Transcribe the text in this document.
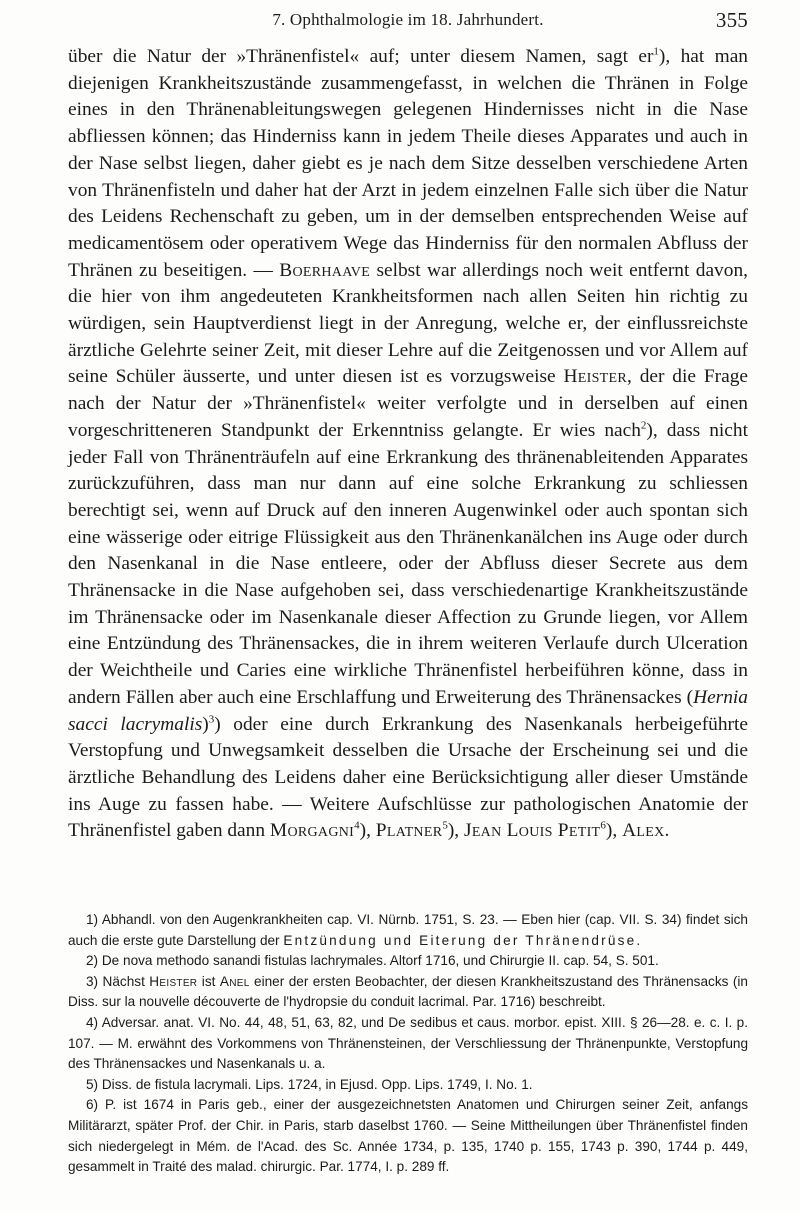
7. Ophthalmologie im 18. Jahrhundert.	355

über die Natur der »Thränenfistel« auf; unter diesem Namen, sagt $er^1$), hat man diejenigen Krankheitszustände zusammengefasst, in welchen die Thränen in Folge eines in den Thränenableitungswegen gelegenen Hindernisses nicht in die Nase abfliessen können; das Hinderniss kann in jedem Theile dieses Apparates und auch in der Nase selbst liegen, daher giebt es je nach dem Sitze desselben verschiedene Arten von Thränenfisteln und daher hat der Arzt in jedem einzelnen Falle sich über die Natur des Leidens Rechenschaft zu geben, um in der demselben entsprechenden Weise auf medicamentösem oder operativem Wege das Hinderniss für den normalen Abfluss der Thränen zu beseitigen. — Boerhaave selbst war allerdings noch weit entfernt davon, die hier von ihm angedeuteten Krankheitsformen nach allen Seiten hin richtig zu würdigen, sein Hauptverdienst liegt in der Anregung, welche er, der einflussreichste ärztliche Gelehrte seiner Zeit, mit dieser Lehre auf die Zeitgenossen und vor Allem auf seine Schüler äusserte, und unter diesen ist es vorzugsweise Heister, der die Frage nach der Natur der »Thränenfistel« weiter verfolgte und in derselben auf einen vorgeschritteneren Standpunkt der Erkenntniss gelangte. Er wies nach$^2$), dass nicht jeder Fall von Thränenträufeln auf eine Erkrankung des thränenableitenden Apparates zurückzuführen, dass man nur dann auf eine solche Erkrankung zu schliessen berechtigt sei, wenn auf Druck auf den inneren Augenwinkel oder auch spontan sich eine wässerige oder eitrige Flüssigkeit aus den Thränenkanälchen ins Auge oder durch den Nasenkanal in die Nase entleere, oder der Abfluss dieser Secrete aus dem Thränensacke in die Nase aufgehoben sei, dass verschiedenartige Krankheitszustände im Thränensacke oder im Nasenkanale dieser Affection zu Grunde liegen, vor Allem eine Entzündung des Thränensackes, die in ihrem weiteren Verlaufe durch Ulceration der Weichtheile und Caries eine wirkliche Thränenfistel herbeiführen könne, dass in andern Fällen aber auch eine Erschlaffung und Erweiterung des Thränensackes (Hernia sacci lacrymalis)$^3$) oder eine durch Erkrankung des Nasenkanals herbeigeführte Verstopfung und Unwegsamkeit desselben die Ursache der Erscheinung sei und die ärztliche Behandlung des Leidens daher eine Berücksichtigung aller dieser Umstände ins Auge zu fassen habe. — Weitere Aufschlüsse zur pathologischen Anatomie der Thränenfistel gaben dann Morgagni$^4$), Platner$^5$), Jean Louis Petit$^6$), Alex.

1) Abhandl. von den Augenkrankheiten cap. VI. Nürnb. 1751, S. 23. — Eben hier (cap. VII. S. 34) findet sich auch die erste gute Darstellung der Entzündung und Eiterung der Thränendrüse.

2) De nova methodo sanandi fistulas lachrymales. Altorf 1716, und Chirurgie II. cap. 54, S. 501.

3) Nächst Heister ist Anel einer der ersten Beobachter, der diesen Krankheitszustand des Thränensacks (in Diss. sur la nouvelle découverte de l'hydropsie du conduit lacrimal. Par. 1716) beschreibt.

4) Adversar. anat. VI. No. 44, 48, 51, 63, 82, und De sedibus et caus. morbor. epist. XIII. § 26—28. e. c. I. p. 107. — M. erwähnt des Vorkommens von Thränensteinen, der Verschliessung der Thränenpunkte, Verstopfung des Thränensackes und Nasenkanals u. a.

5) Diss. de fistula lacrymali. Lips. 1724, in Ejusd. Opp. Lips. 1749, I. No. 1.

6) P. ist 1674 in Paris geb., einer der ausgezeichnetsten Anatomen und Chirurgen seiner Zeit, anfangs Militärarzt, später Prof. der Chir. in Paris, starb daselbst 1760. — Seine Mittheilungen über Thränenfistel finden sich niedergelegt in Mém. de l'Acad. des Sc. Année 1734, p. 135, 1740 p. 155, 1743 p. 390, 1744 p. 449, gesammelt in Traité des malad. chirurgic. Par. 1774, I. p. 289 ff.
